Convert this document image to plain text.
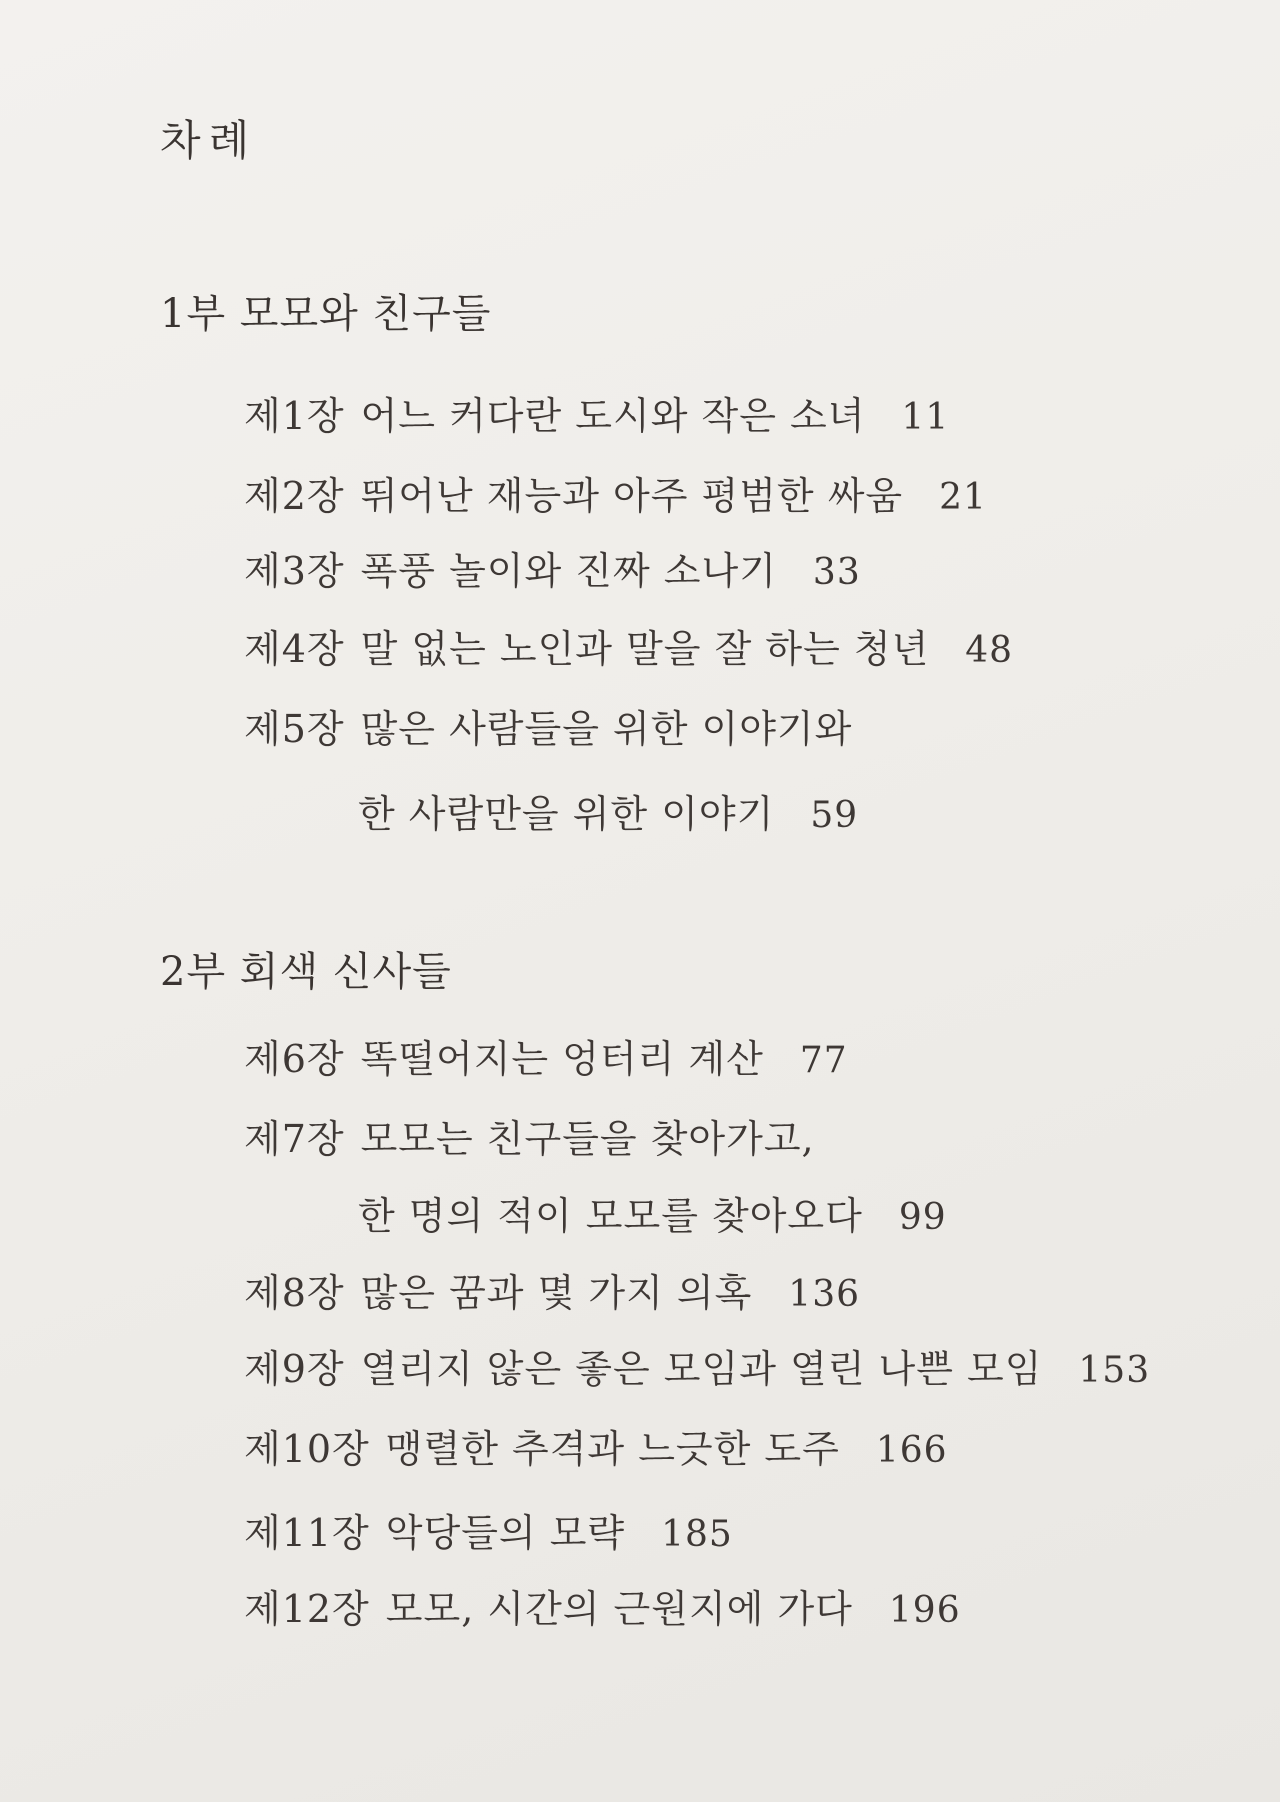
차례
1부 모모와 친구들
제1장 어느 커다란 도시와 작은 소녀 11
제2장 뛰어난 재능과 아주 평범한 싸움 21
제3장 폭풍 놀이와 진짜 소나기 33
제4장 말 없는 노인과 말을 잘 하는 청년 48
제5장 많은 사람들을 위한 이야기와
한 사람만을 위한 이야기 59
2부 회색 신사들
제6장 똑떨어지는 엉터리 계산 77
제7장 모모는 친구들을 찾아가고,
한 명의 적이 모모를 찾아오다 99
제8장 많은 꿈과 몇 가지 의혹 136
제9장 열리지 않은 좋은 모임과 열린 나쁜 모임 153
제10장 맹렬한 추격과 느긋한 도주 166
제11장 악당들의 모략 185
제12장 모모, 시간의 근원지에 가다 196
